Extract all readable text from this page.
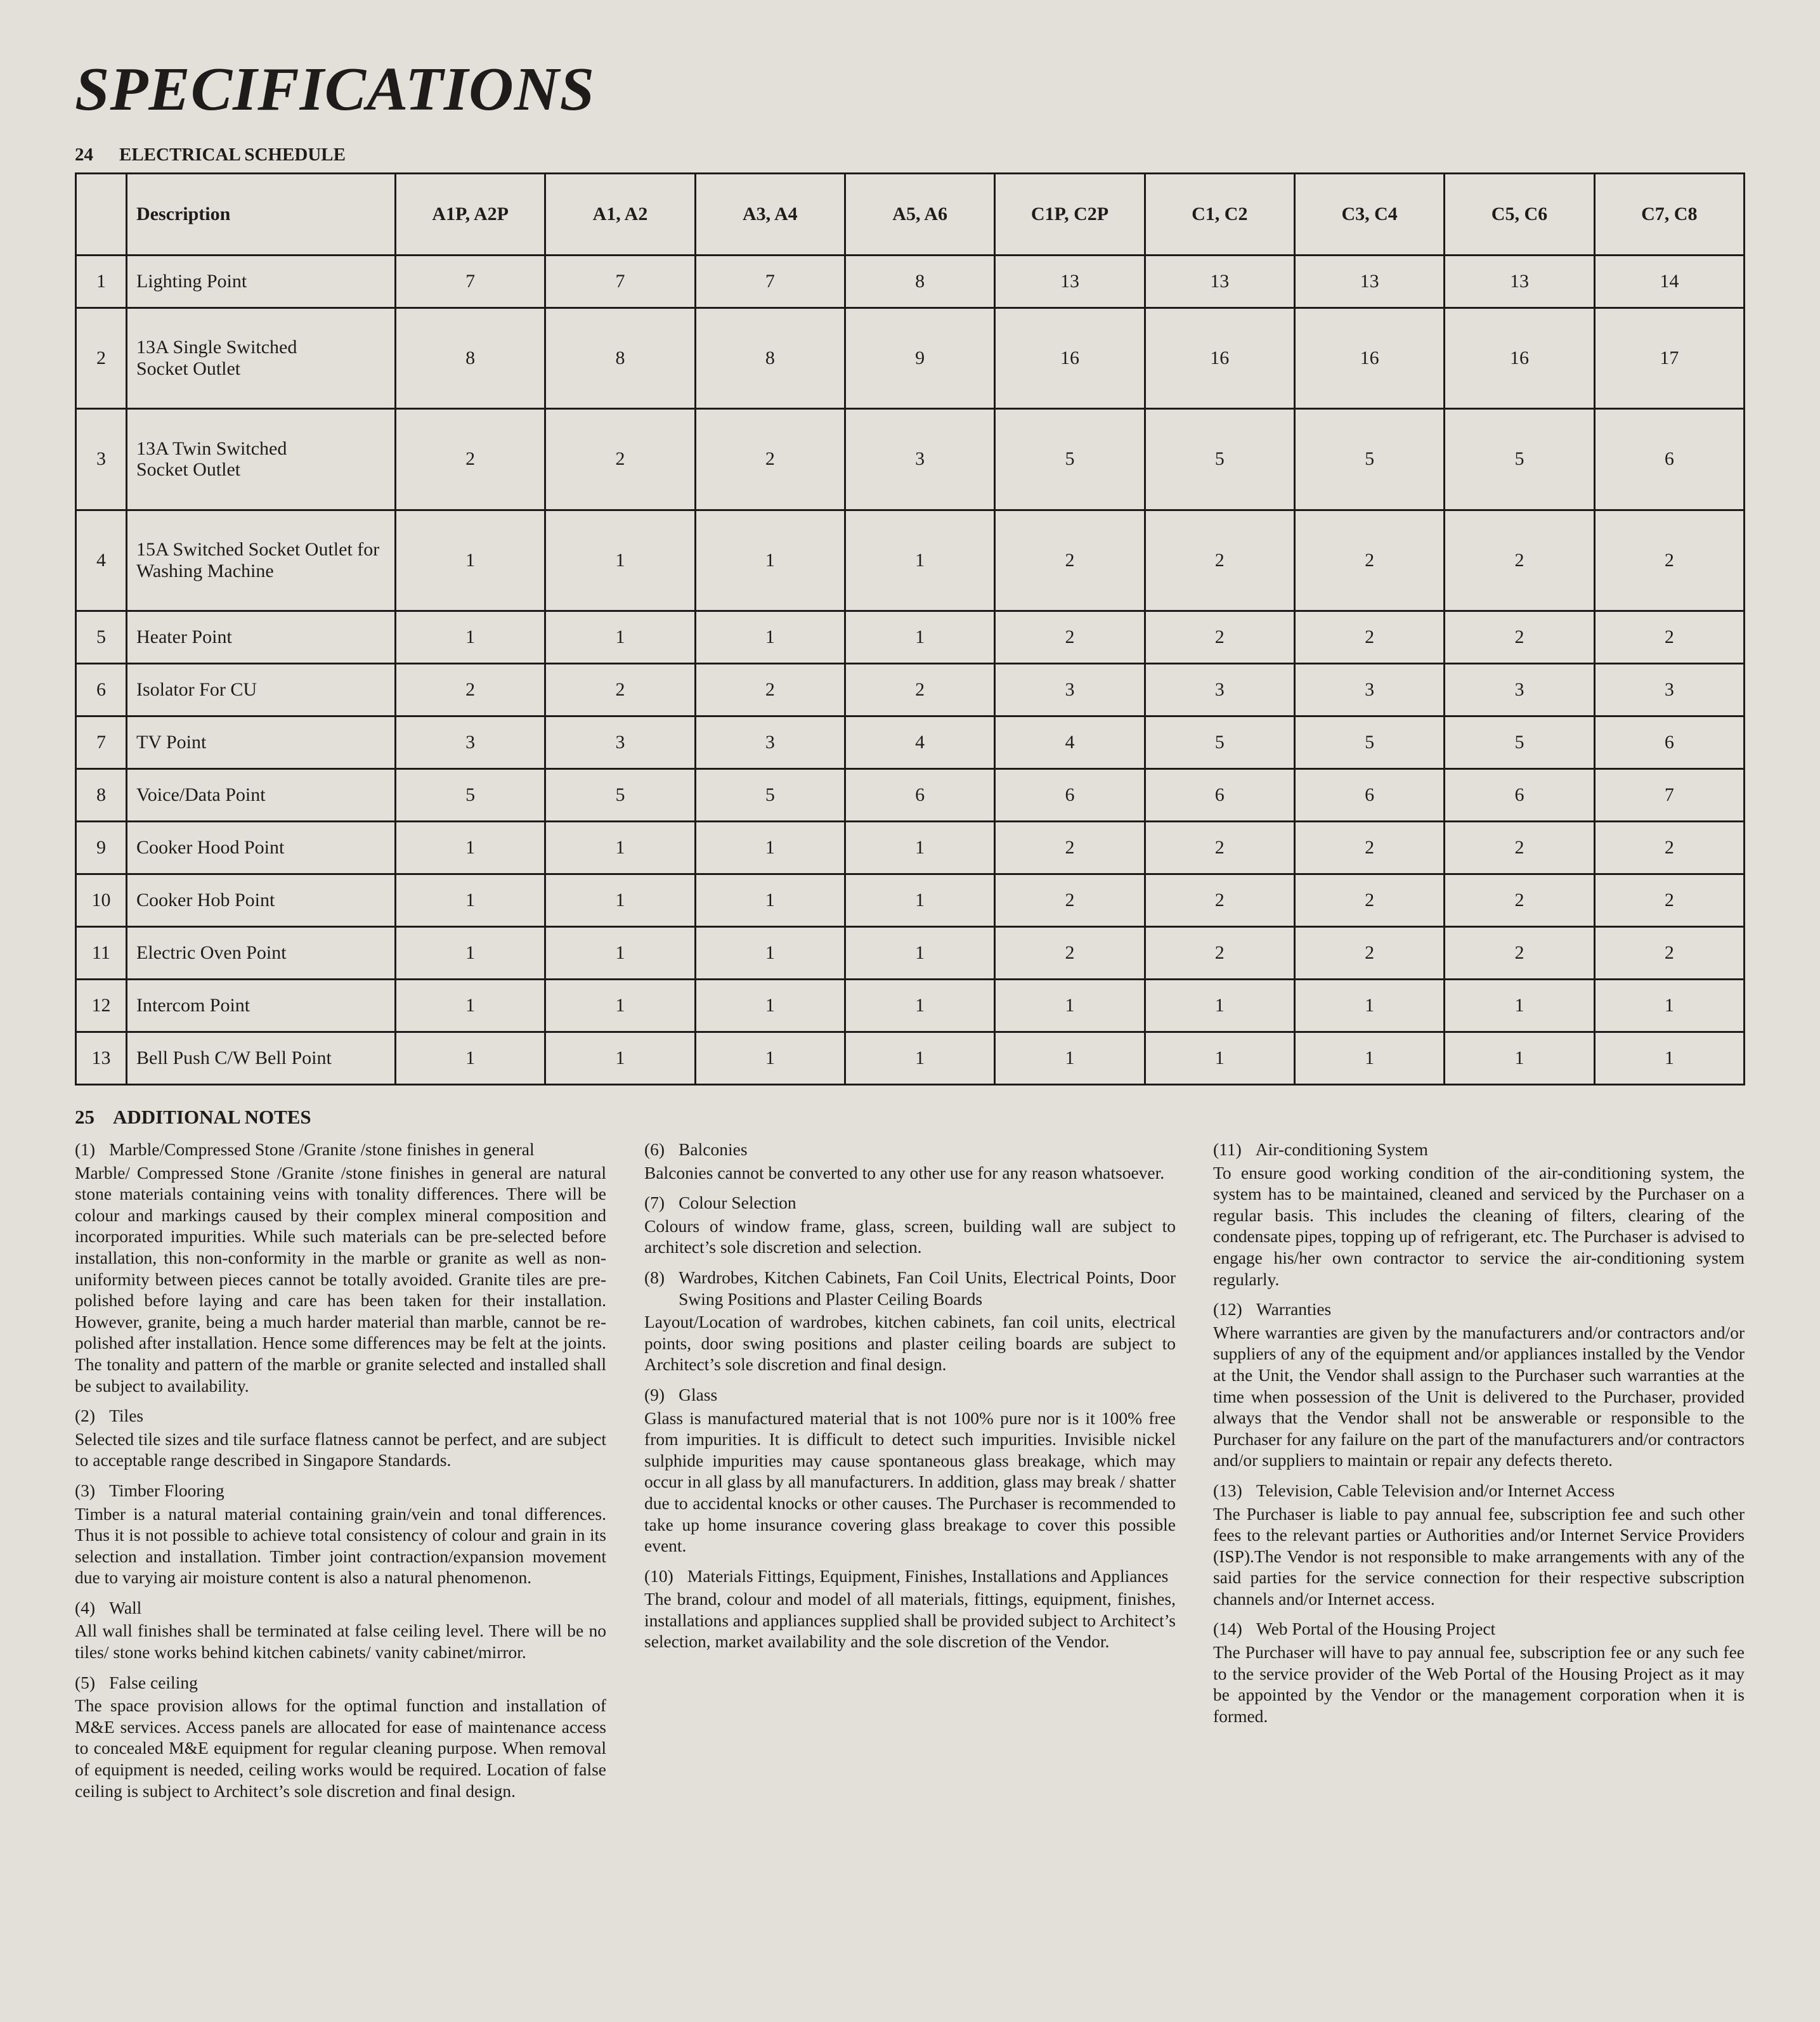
SPECIFICATIONS
24 ELECTRICAL SCHEDULE
	Description	A1P, A2P	A1, A2	A3, A4	A5, A6	C1P, C2P	C1, C2	C3, C4	C5, C6	C7, C8
1	Lighting Point	7	7	7	8	13	13	13	13	14
2	13A Single Switched
Socket Outlet	8	8	8	9	16	16	16	16	17
3	13A Twin Switched
Socket Outlet	2	2	2	3	5	5	5	5	6
4	15A Switched Socket Outlet for
Washing Machine	1	1	1	1	2	2	2	2	2
5	Heater Point	1	1	1	1	2	2	2	2	2
6	Isolator For CU	2	2	2	2	3	3	3	3	3
7	TV Point	3	3	3	4	4	5	5	5	6
8	Voice/Data Point	5	5	5	6	6	6	6	6	7
9	Cooker Hood Point	1	1	1	1	2	2	2	2	2
10	Cooker Hob Point	1	1	1	1	2	2	2	2	2
11	Electric Oven Point	1	1	1	1	2	2	2	2	2
12	Intercom Point	1	1	1	1	1	1	1	1	1
13	Bell Push C/W Bell Point	1	1	1	1	1	1	1	1	1
25 ADDITIONAL NOTES
(1) Marble/Compressed Stone /Granite /stone finishes in general

Marble/ Compressed Stone /Granite /stone finishes in general are natural stone materials containing veins with tonality differences. There will be colour and markings caused by their complex mineral composition and incorporated impurities. While such materials can be pre-selected before installation, this non-conformity in the marble or granite as well as non-uniformity between pieces cannot be totally avoided. Granite tiles are pre-polished before laying and care has been taken for their installation. However, granite, being a much harder material than marble, cannot be re-polished after installation. Hence some differences may be felt at the joints. The tonality and pattern of the marble or granite selected and installed shall be subject to availability.

(2) Tiles

Selected tile sizes and tile surface flatness cannot be perfect, and are subject to acceptable range described in Singapore Standards.

(3) Timber Flooring

Timber is a natural material containing grain/vein and tonal differences. Thus it is not possible to achieve total consistency of colour and grain in its selection and installation. Timber joint contraction/expansion movement due to varying air moisture content is also a natural phenomenon.

(4) Wall

All wall finishes shall be terminated at false ceiling level. There will be no tiles/ stone works behind kitchen cabinets/ vanity cabinet/mirror.

(5) False ceiling

The space provision allows for the optimal function and installation of M&E services. Access panels are allocated for ease of maintenance access to concealed M&E equipment for regular cleaning purpose. When removal of equipment is needed, ceiling works would be required. Location of false ceiling is subject to Architect’s sole discretion and final design.

(6) Balconies

Balconies cannot be converted to any other use for any reason whatsoever.

(7) Colour Selection

Colours of window frame, glass, screen, building wall are subject to architect’s sole discretion and selection.

(8) Wardrobes, Kitchen Cabinets, Fan Coil Units, Electrical Points, Door Swing Positions and Plaster Ceiling Boards

Layout/Location of wardrobes, kitchen cabinets, fan coil units, electrical points, door swing positions and plaster ceiling boards are subject to Architect’s sole discretion and final design.

(9) Glass

Glass is manufactured material that is not 100% pure nor is it 100% free from impurities. It is difficult to detect such impurities. Invisible nickel sulphide impurities may cause spontaneous glass breakage, which may occur in all glass by all manufacturers. In addition, glass may break / shatter due to accidental knocks or other causes. The Purchaser is recommended to take up home insurance covering glass breakage to cover this possible event.

(10) Materials Fittings, Equipment, Finishes, Installations and Appliances

The brand, colour and model of all materials, fittings, equipment, finishes, installations and appliances supplied shall be provided subject to Architect’s selection, market availability and the sole discretion of the Vendor.

(11) Air-conditioning System

To ensure good working condition of the air-conditioning system, the system has to be maintained, cleaned and serviced by the Purchaser on a regular basis. This includes the cleaning of filters, clearing of the condensate pipes, topping up of refrigerant, etc. The Purchaser is advised to engage his/her own contractor to service the air-conditioning system regularly.

(12) Warranties

Where warranties are given by the manufacturers and/or contractors and/or suppliers of any of the equipment and/or appliances installed by the Vendor at the Unit, the Vendor shall assign to the Purchaser such warranties at the time when possession of the Unit is delivered to the Purchaser, provided always that the Vendor shall not be answerable or responsible to the Purchaser for any failure on the part of the manufacturers and/or contractors and/or suppliers to maintain or repair any defects thereto.

(13) Television, Cable Television and/or Internet Access

The Purchaser is liable to pay annual fee, subscription fee and such other fees to the relevant parties or Authorities and/or Internet Service Providers (ISP).The Vendor is not responsible to make arrangements with any of the said parties for the service connection for their respective subscription channels and/or Internet access.

(14) Web Portal of the Housing Project

The Purchaser will have to pay annual fee, subscription fee or any such fee to the service provider of the Web Portal of the Housing Project as it may be appointed by the Vendor or the management corporation when it is formed.
